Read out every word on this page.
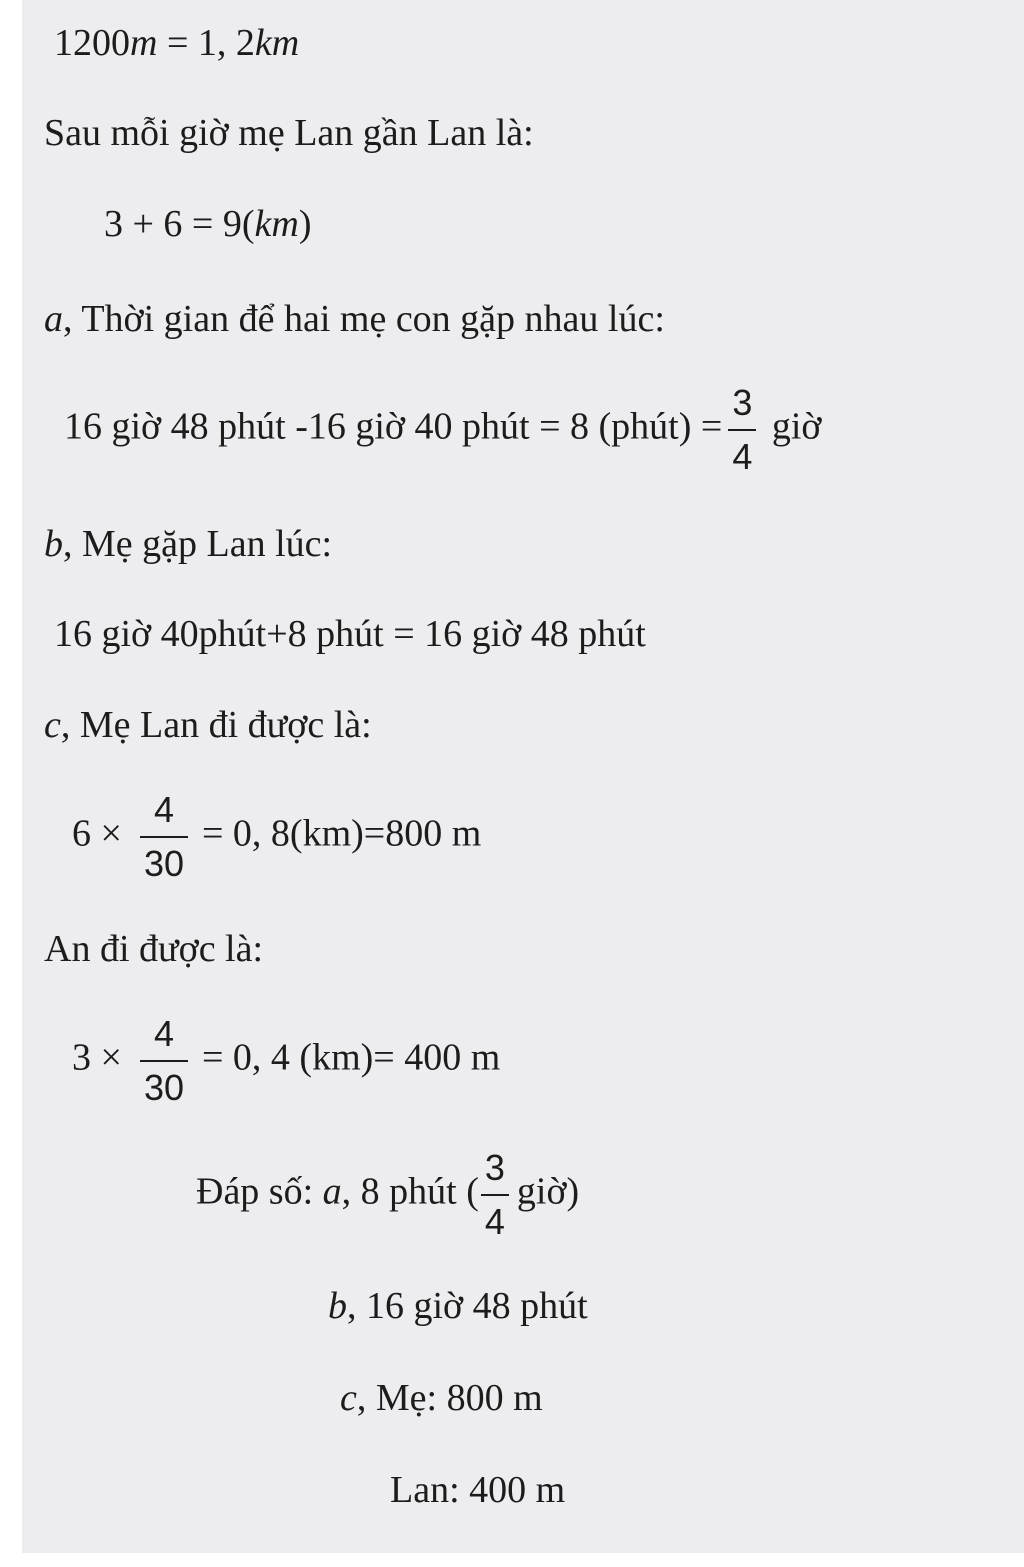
1200m = 1, 2km
Sau mỗi giờ mẹ Lan gần Lan là:
3 + 6 = 9(km)
a, Thời gian để hai mẹ con gặp nhau lúc:
16 giờ 48 phút -16 giờ 40 phút = 8 (phút) = $\frac{3}{4}$ giờ
b, Mẹ gặp Lan lúc:
16 giờ 40phút+8 phút = 16 giờ 48 phút
c, Mẹ Lan đi được là:
$6 \times \frac{4}{30} = 0$, 8(km)=800 m
An đi được là:
$3 \times \frac{4}{30} = 0$, 4 (km)= 400 m
Đáp số: a, 8 phút ( $\frac{3}{4}$ giờ)
b, 16 giờ 48 phút
c, Mẹ: 800 m
Lan: 400 m
